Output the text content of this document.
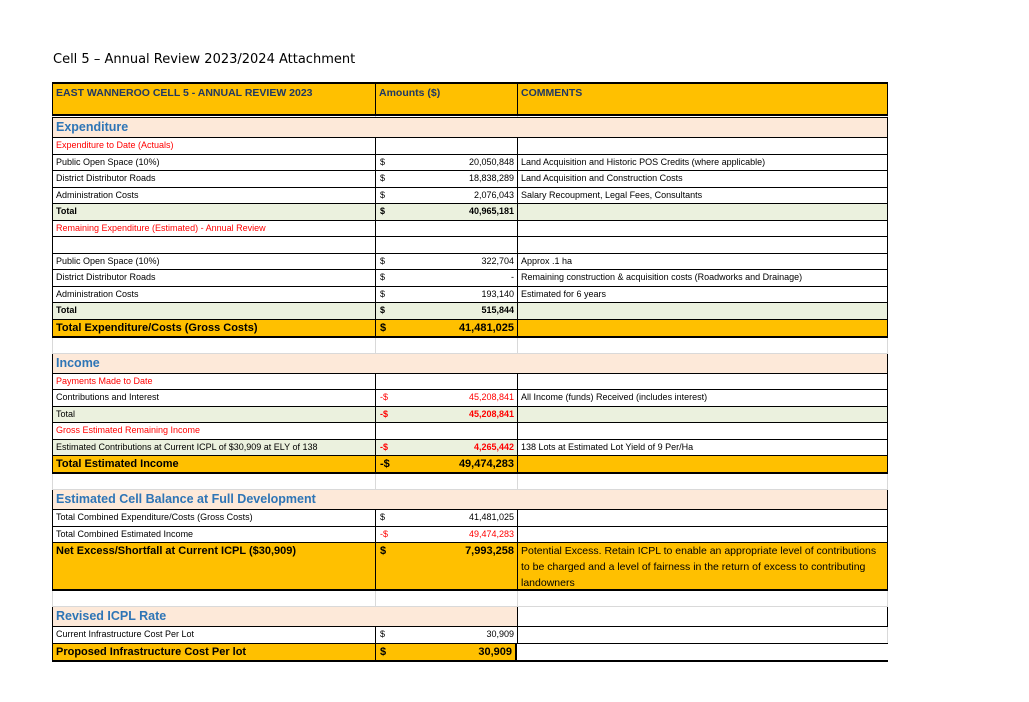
Cell 5 – Annual Review 2023/2024 Attachment
EAST WANNEROO CELL 5 - ANNUAL REVIEW 2023	Amounts ($)	COMMENTS
Expenditure
Expenditure to Date (Actuals)
Public Open Space (10%)	$	20,050,848 Land Acquisition and Historic POS Credits (where applicable)
District Distributor Roads	$	18,838,289 Land Acquisition and Construction Costs
Administration Costs	$	2,076,043 Salary Recoupment, Legal Fees, Consultants
Total	$	40,965,181
Remaining Expenditure (Estimated) - Annual Review
Public Open Space (10%)	$	322,704 Approx .1 ha
District Distributor Roads	$	- Remaining construction & acquisition costs (Roadworks and Drainage)
Administration Costs	$	193,140 Estimated for 6 years
Total	$	515,844
Total Expenditure/Costs (Gross Costs)	$	41,481,025
Income
Payments Made to Date
Contributions and Interest	-$	45,208,841 All Income (funds) Received (includes interest)
Total	-$	45,208,841
Gross Estimated Remaining Income
Estimated Contributions at Current ICPL of $30,909 at ELY of 138	-$	4,265,442 138 Lots at Estimated Lot Yield of 9 Per/Ha
Total Estimated Income	-$	49,474,283
Estimated Cell Balance at Full Development
Total Combined Expenditure/Costs (Gross Costs)	$	41,481,025
Total Combined Estimated Income	-$	49,474,283
Net Excess/Shortfall at Current ICPL ($30,909)	$	7,993,258 Potential Excess. Retain ICPL to enable an appropriate level of contributions to be charged and a level of fairness in the return of excess to contributing landowners
Revised ICPL Rate
Current Infrastructure Cost Per Lot	$	30,909
Proposed Infrastructure Cost Per lot	$	30,909
